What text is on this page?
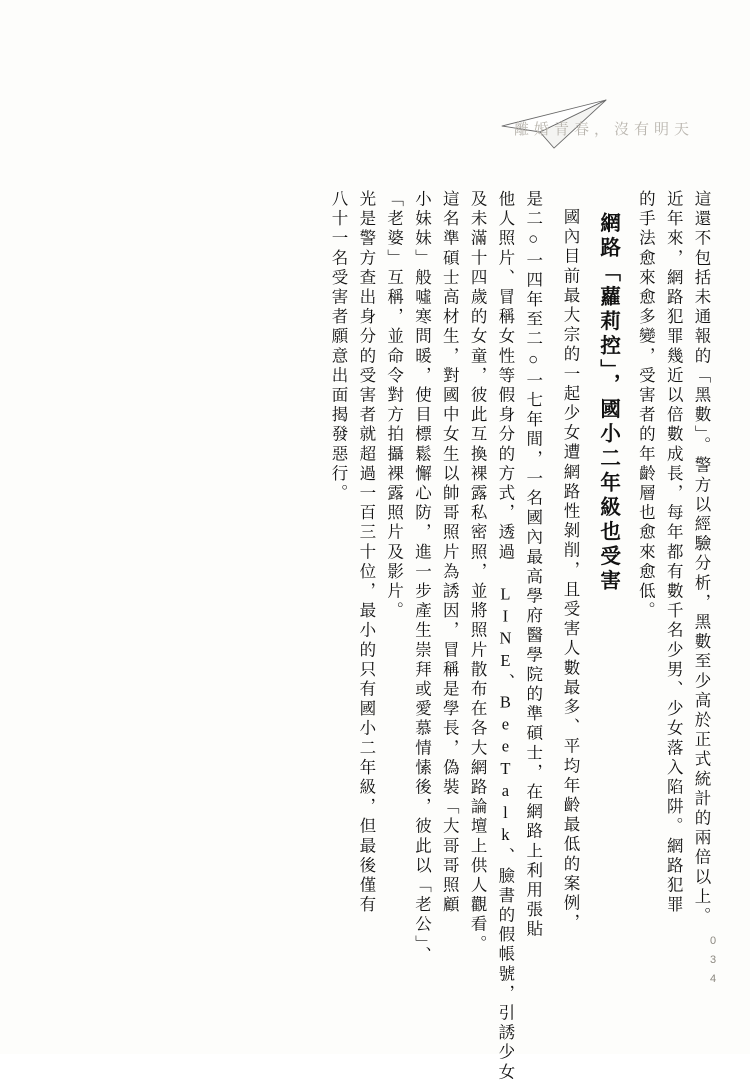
離婚青春，沒有明天
八十一名受害者願意出面揭發惡行。 光是警方查出身分的受害者就超過一百三十位，最小的只有國小二年級，但最後僅有 「老婆」互稱，並命令對方拍攝裸露照片及影片。 小妹妹」般噓寒問暖，使目標鬆懈心防，進一步產生崇拜或愛慕情愫後，彼此以「老公」、 這名準碩士高材生，對國中女生以帥哥照片為誘因，冒稱是學長，偽裝「大哥哥照顧 及未滿十四歲的女童，彼此互換裸露私密照，並將照片散布在各大網路論壇上供人觀看。 他人照片、冒稱女性等假身分的方式，透過 LINE、BeeTalk、臉書的假帳號，引誘少女 是二○一四年至二○一七年間，一名國內最高學府醫學院的準碩士，在網路上利用張貼 國內目前最大宗的一起少女遭網路性剝削，且受害人數最多、平均年齡最低的案例， 網路「蘿莉控」，國小二年級也受害 的手法愈來愈多變，受害者的年齡層也愈來愈低。 近年來，網路犯罪幾近以倍數成長，每年都有數千名少男、少女落入陷阱。網路犯罪 這還不包括未通報的「黑數」。警方以經驗分析，黑數至少高於正式統計的兩倍以上。
034
